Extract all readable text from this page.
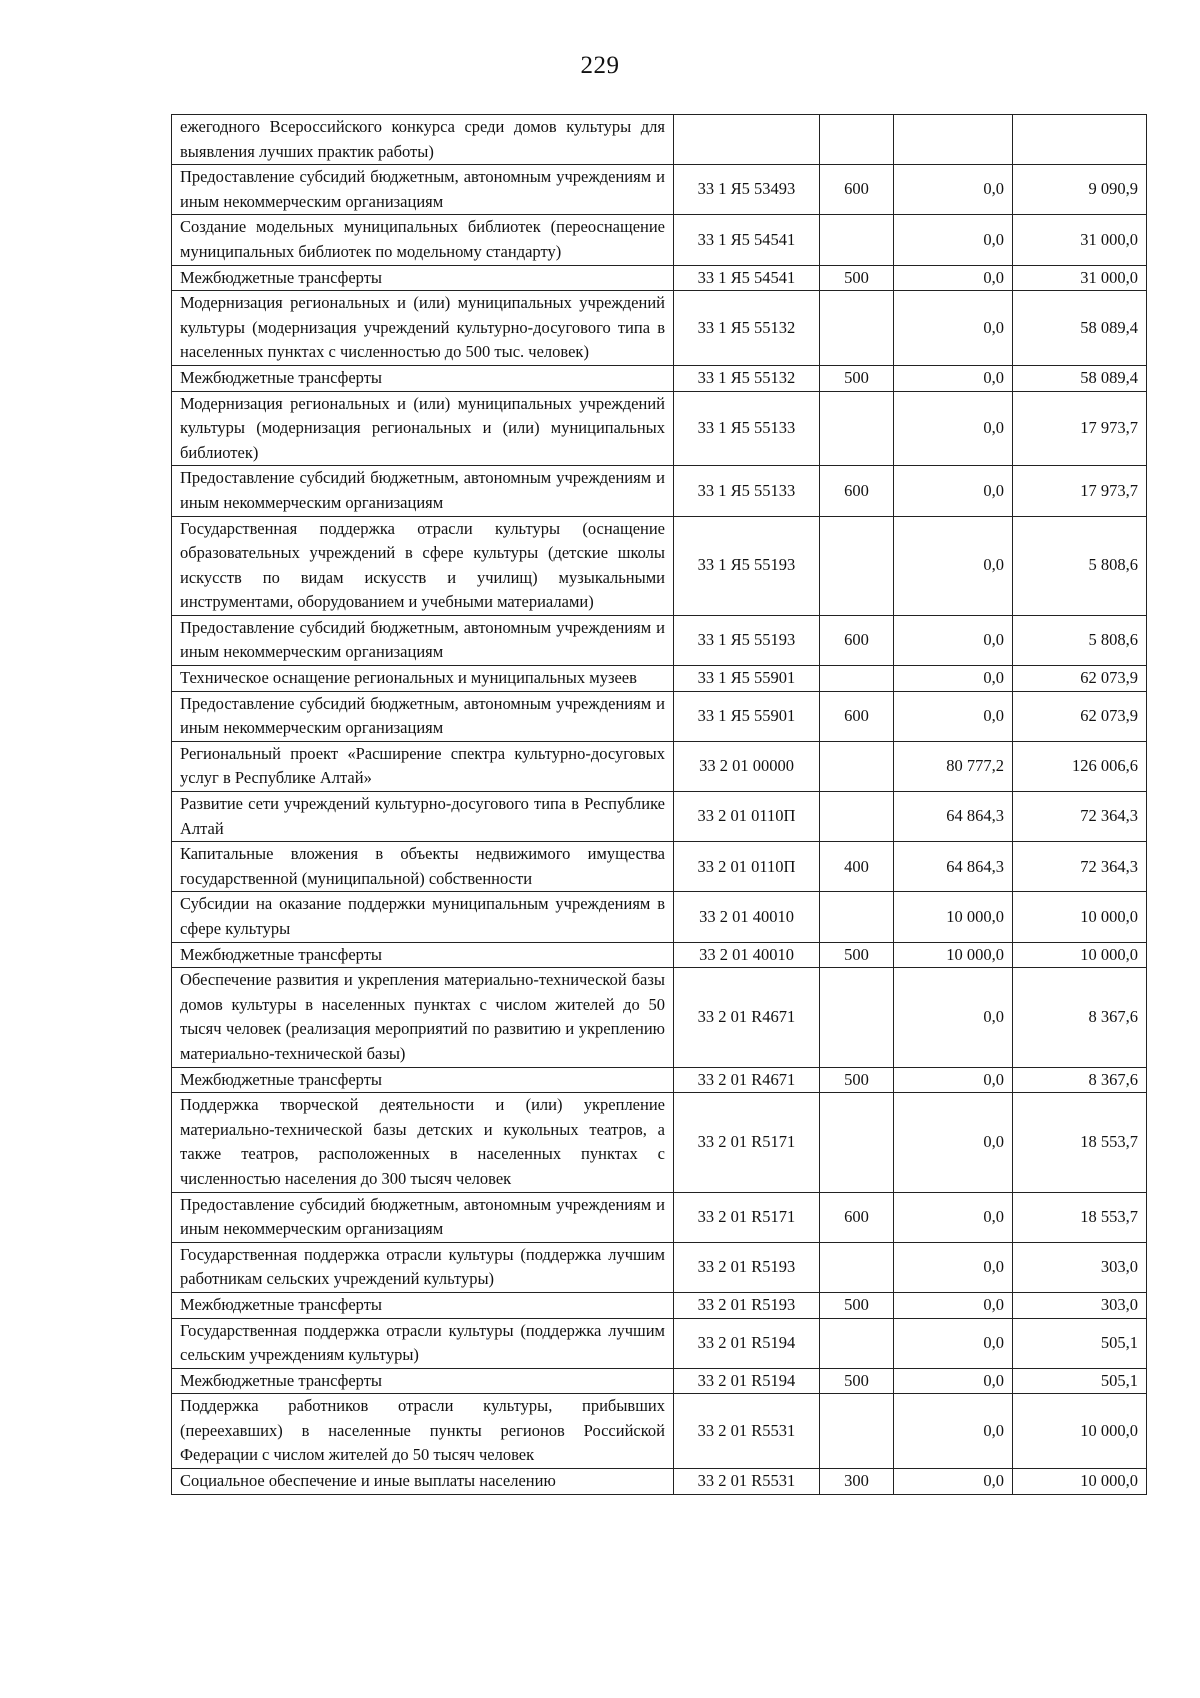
229
ежегодного Всероссийского конкурса среди домов культуры для выявления лучших практик работы)				
Предоставление субсидий бюджетным, автономным учреждениям и иным некоммерческим организациям	33 1 Я5 53493	600	0,0	9 090,9
Создание модельных муниципальных библиотек (переоснащение муниципальных библиотек по модельному стандарту)	33 1 Я5 54541		0,0	31 000,0
Межбюджетные трансферты	33 1 Я5 54541	500	0,0	31 000,0
Модернизация региональных и (или) муниципальных учреждений культуры (модернизация учреждений культурно-досугового типа в населенных пунктах с численностью до 500 тыс. человек)	33 1 Я5 55132		0,0	58 089,4
Межбюджетные трансферты	33 1 Я5 55132	500	0,0	58 089,4
Модернизация региональных и (или) муниципальных учреждений культуры (модернизация региональных и (или) муниципальных библиотек)	33 1 Я5 55133		0,0	17 973,7
Предоставление субсидий бюджетным, автономным учреждениям и иным некоммерческим организациям	33 1 Я5 55133	600	0,0	17 973,7
Государственная поддержка отрасли культуры (оснащение образовательных учреждений в сфере культуры (детские школы искусств по видам искусств и училищ) музыкальными инструментами, оборудованием и учебными материалами)	33 1 Я5 55193		0,0	5 808,6
Предоставление субсидий бюджетным, автономным учреждениям и иным некоммерческим организациям	33 1 Я5 55193	600	0,0	5 808,6
Техническое оснащение региональных и муниципальных музеев	33 1 Я5 55901		0,0	62 073,9
Предоставление субсидий бюджетным, автономным учреждениям и иным некоммерческим организациям	33 1 Я5 55901	600	0,0	62 073,9
Региональный проект «Расширение спектра культурно-досуговых услуг в Республике Алтай»	33 2 01 00000		80 777,2	126 006,6
Развитие сети учреждений культурно-досугового типа в Республике Алтай	33 2 01 0110П		64 864,3	72 364,3
Капитальные вложения в объекты недвижимого имущества государственной (муниципальной) собственности	33 2 01 0110П	400	64 864,3	72 364,3
Субсидии на оказание поддержки муниципальным учреждениям в сфере культуры	33 2 01 40010		10 000,0	10 000,0
Межбюджетные трансферты	33 2 01 40010	500	10 000,0	10 000,0
Обеспечение развития и укрепления материально-технической базы домов культуры в населенных пунктах с числом жителей до 50 тысяч человек (реализация мероприятий по развитию и укреплению материально-технической базы)	33 2 01 R4671		0,0	8 367,6
Межбюджетные трансферты	33 2 01 R4671	500	0,0	8 367,6
Поддержка творческой деятельности и (или) укрепление материально-технической базы детских и кукольных театров, а также театров, расположенных в населенных пунктах с численностью населения до 300 тысяч человек	33 2 01 R5171		0,0	18 553,7
Предоставление субсидий бюджетным, автономным учреждениям и иным некоммерческим организациям	33 2 01 R5171	600	0,0	18 553,7
Государственная поддержка отрасли культуры (поддержка лучшим работникам сельских учреждений культуры)	33 2 01 R5193		0,0	303,0
Межбюджетные трансферты	33 2 01 R5193	500	0,0	303,0
Государственная поддержка отрасли культуры (поддержка лучшим сельским учреждениям культуры)	33 2 01 R5194		0,0	505,1
Межбюджетные трансферты	33 2 01 R5194	500	0,0	505,1
Поддержка работников отрасли культуры, прибывших (переехавших) в населенные пункты регионов Российской Федерации с числом жителей до 50 тысяч человек	33 2 01 R5531		0,0	10 000,0
Социальное обеспечение и иные выплаты населению	33 2 01 R5531	300	0,0	10 000,0
